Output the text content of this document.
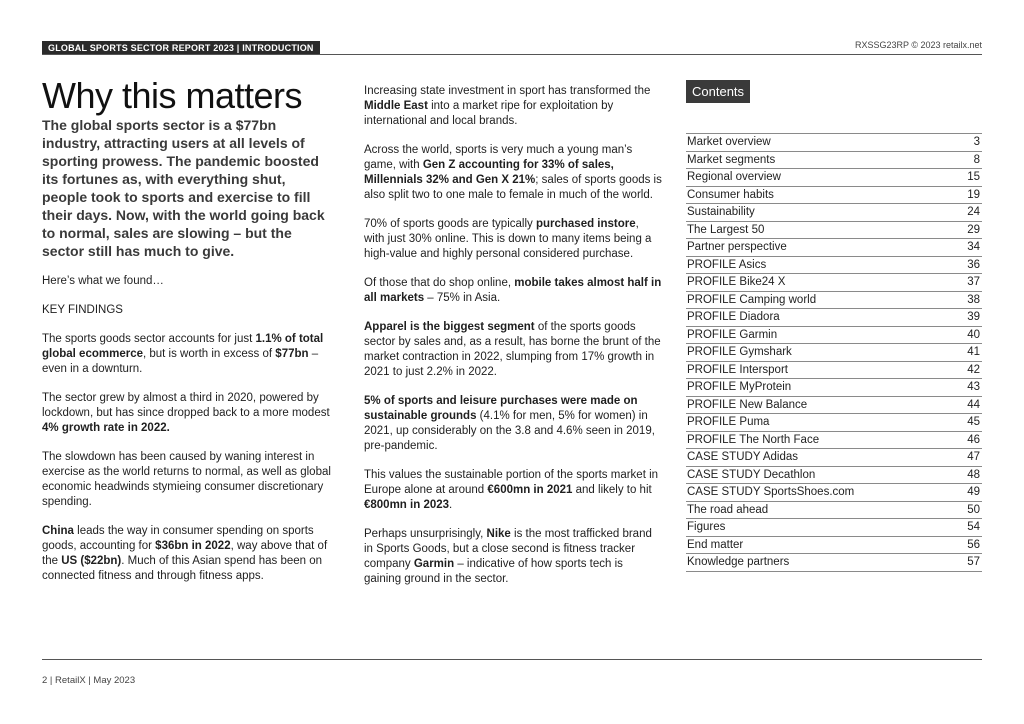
GLOBAL SPORTS SECTOR REPORT 2023 | INTRODUCTION	RXSSG23RP © 2023 retailx.net
Why this matters

The global sports sector is a $77bn industry, attracting users at all levels of sporting prowess. The pandemic boosted its fortunes as, with everything shut, people took to sports and exercise to fill their days. Now, with the world going back to normal, sales are slowing – but the sector still has much to give.

Here’s what we found…

KEY FINDINGS

The sports goods sector accounts for just 1.1% of total global ecommerce, but is worth in excess of $77bn – even in a downturn.

The sector grew by almost a third in 2020, powered by lockdown, but has since dropped back to a more modest 4% growth rate in 2022.

The slowdown has been caused by waning interest in exercise as the world returns to normal, as well as global economic headwinds stymieing consumer discretionary spending.

China leads the way in consumer spending on sports goods, accounting for $36bn in 2022, way above that of the US ($22bn). Much of this Asian spend has been on connected fitness and through fitness apps.

Increasing state investment in sport has transformed the Middle East into a market ripe for exploitation by international and local brands.

Across the world, sports is very much a young man’s game, with Gen Z accounting for 33% of sales, Millennials 32% and Gen X 21%; sales of sports goods is also split two to one male to female in much of the world.

70% of sports goods are typically purchased instore, with just 30% online. This is down to many items being a high-value and highly personal considered purchase.

Of those that do shop online, mobile takes almost half in all markets – 75% in Asia.

Apparel is the biggest segment of the sports goods sector by sales and, as a result, has borne the brunt of the market contraction in 2022, slumping from 17% growth in 2021 to just 2.2% in 2022.

5% of sports and leisure purchases were made on sustainable grounds (4.1% for men, 5% for women) in 2021, up considerably on the 3.8 and 4.6% seen in 2019, pre-pandemic.

This values the sustainable portion of the sports market in Europe alone at around €600mn in 2021 and likely to hit €800mn in 2023.

Perhaps unsurprisingly, Nike is the most trafficked brand in Sports Goods, but a close second is fitness tracker company Garmin – indicative of how sports tech is gaining ground in the sector.

Contents
Market overview	3
Market segments	8
Regional overview	15
Consumer habits	19
Sustainability	24
The Largest 50	29
Partner perspective	34
PROFILE Asics	36
PROFILE Bike24 X	37
PROFILE Camping world	38
PROFILE Diadora	39
PROFILE Garmin	40
PROFILE Gymshark	41
PROFILE Intersport	42
PROFILE MyProtein	43
PROFILE New Balance	44
PROFILE Puma	45
PROFILE The North Face	46
CASE STUDY Adidas	47
CASE STUDY Decathlon	48
CASE STUDY SportsShoes.com	49
The road ahead	50
Figures	54
End matter	56
Knowledge partners	57
2 | RetailX | May 2023
